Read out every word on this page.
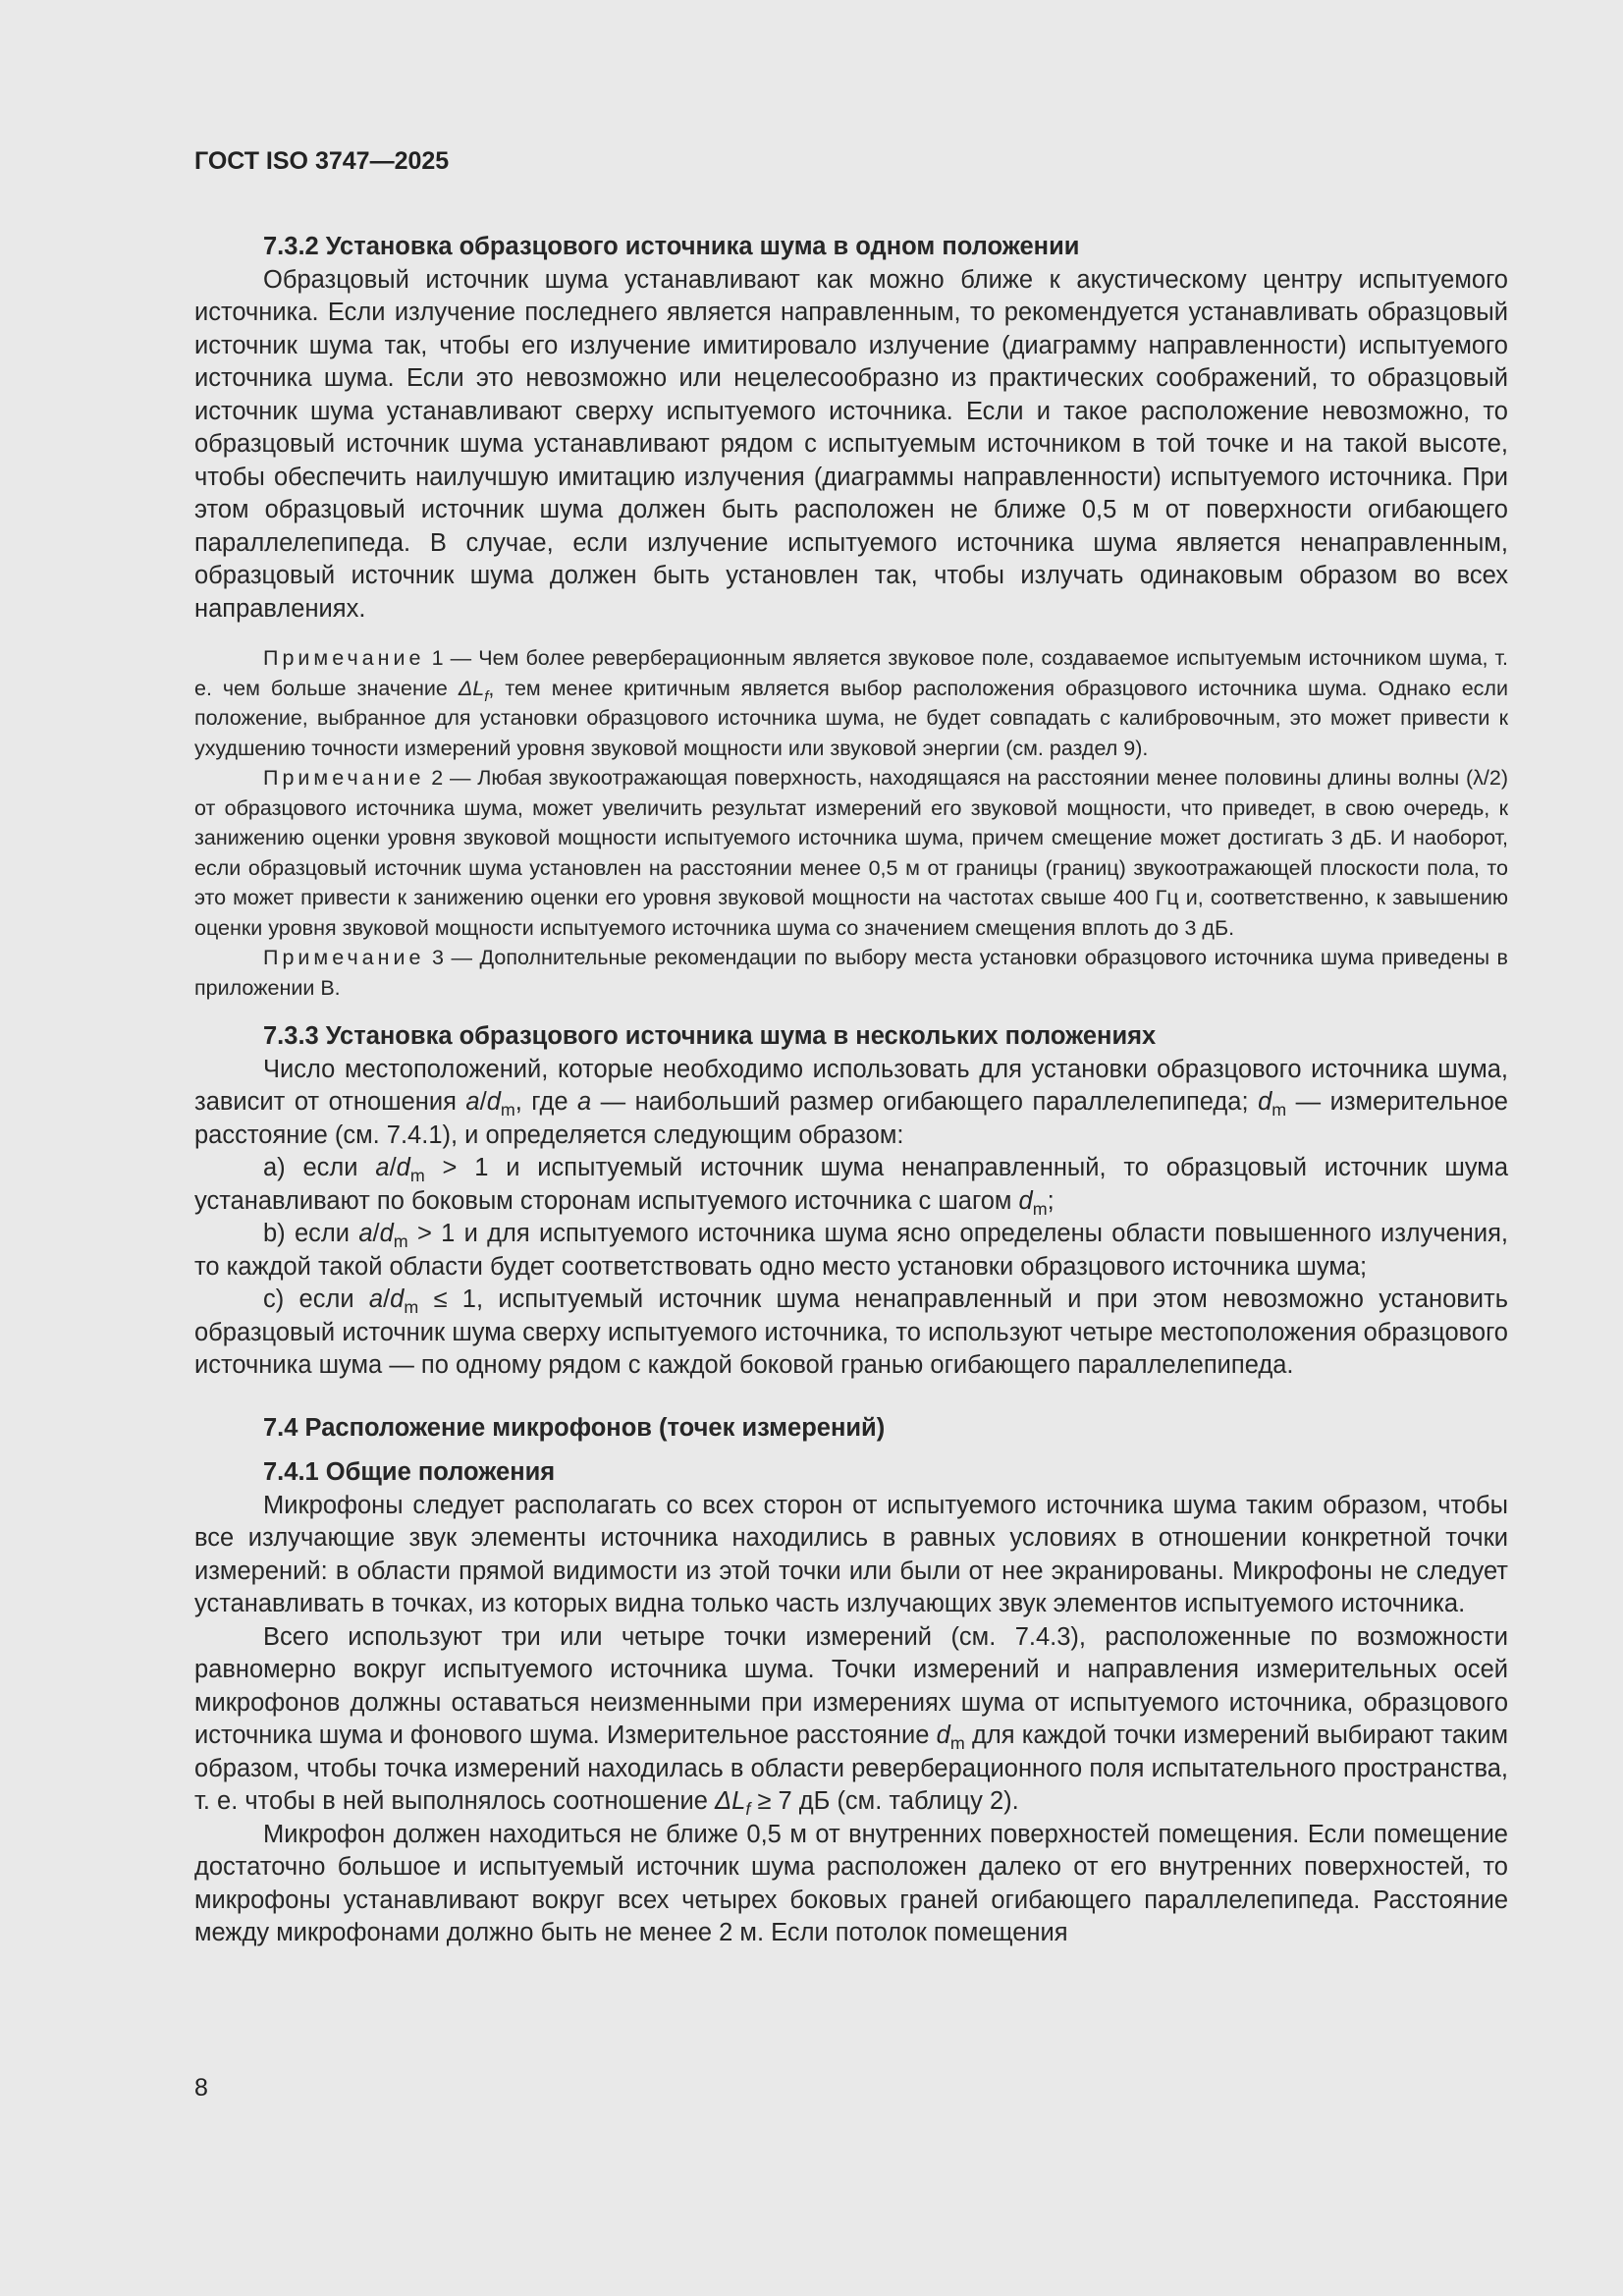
ГОСТ ISO 3747—2025
7.3.2 Установка образцового источника шума в одном положении

Образцовый источник шума устанавливают как можно ближе к акустическому центру испытуемого источника. Если излучение последнего является направленным, то рекомендуется устанавливать образцовый источник шума так, чтобы его излучение имитировало излучение (диаграмму направленности) испытуемого источника шума. Если это невозможно или нецелесообразно из практических соображений, то образцовый источник шума устанавливают сверху испытуемого источника. Если и такое расположение невозможно, то образцовый источник шума устанавливают рядом с испытуемым источником в той точке и на такой высоте, чтобы обеспечить наилучшую имитацию излучения (диаграммы направленности) испытуемого источника. При этом образцовый источник шума должен быть расположен не ближе 0,5 м от поверхности огибающего параллелепипеда. В случае, если излучение испытуемого источника шума является ненаправленным, образцовый источник шума должен быть установлен так, чтобы излучать одинаковым образом во всех направлениях.

Примечание 1 — Чем более реверберационным является звуковое поле, создаваемое испытуемым источником шума, т. е. чем больше значение $\Delta L_f$, тем менее критичным является выбор расположения образцового источника шума. Однако если положение, выбранное для установки образцового источника шума, не будет совпадать с калибровочным, это может привести к ухудшению точности измерений уровня звуковой мощности или звуковой энергии (см. раздел 9).
Примечание 2 — Любая звукоотражающая поверхность, находящаяся на расстоянии менее половины длины волны (λ/2) от образцового источника шума, может увеличить результат измерений его звуковой мощности, что приведет, в свою очередь, к занижению оценки уровня звуковой мощности испытуемого источника шума, причем смещение может достигать 3 дБ. И наоборот, если образцовый источник шума установлен на расстоянии менее 0,5 м от границы (границ) звукоотражающей плоскости пола, то это может привести к занижению оценки его уровня звуковой мощности на частотах свыше 400 Гц и, соответственно, к завышению оценки уровня звуковой мощности испытуемого источника шума со значением смещения вплоть до 3 дБ.
Примечание 3 — Дополнительные рекомендации по выбору места установки образцового источника шума приведены в приложении В.
7.3.3 Установка образцового источника шума в нескольких положениях

Число местоположений, которые необходимо использовать для установки образцового источника шума, зависит от отношения $a/d_m$, где a — наибольший размер огибающего параллелепипеда; $d_m$ — измерительное расстояние (см. 7.4.1), и определяется следующим образом:

a) если $a/d_m > 1$ и испытуемый источник шума ненаправленный, то образцовый источник шума устанавливают по боковым сторонам испытуемого источника с шагом $d_m$;

b) если $a/d_m > 1$ и для испытуемого источника шума ясно определены области повышенного излучения, то каждой такой области будет соответствовать одно место установки образцового источника шума;

c) если $a/d_m \le 1$, испытуемый источник шума ненаправленный и при этом невозможно установить образцовый источник шума сверху испытуемого источника, то используют четыре местоположения образцового источника шума — по одному рядом с каждой боковой гранью огибающего параллелепипеда.

7.4 Расположение микрофонов (точек измерений)
7.4.1 Общие положения

Микрофоны следует располагать со всех сторон от испытуемого источника шума таким образом, чтобы все излучающие звук элементы источника находились в равных условиях в отношении конкретной точки измерений: в области прямой видимости из этой точки или были от нее экранированы. Микрофоны не следует устанавливать в точках, из которых видна только часть излучающих звук элементов испытуемого источника.

Всего используют три или четыре точки измерений (см. 7.4.3), расположенные по возможности равномерно вокруг испытуемого источника шума. Точки измерений и направления измерительных осей микрофонов должны оставаться неизменными при измерениях шума от испытуемого источника, образцового источника шума и фонового шума. Измерительное расстояние $d_m$ для каждой точки измерений выбирают таким образом, чтобы точка измерений находилась в области реверберационного поля испытательного пространства, т. е. чтобы в ней выполнялось соотношение $\Delta L_f \ge 7$ дБ (см. таблицу 2).

Микрофон должен находиться не ближе 0,5 м от внутренних поверхностей помещения. Если помещение достаточно большое и испытуемый источник шума расположен далеко от его внутренних поверхностей, то микрофоны устанавливают вокруг всех четырех боковых граней огибающего параллелепипеда. Расстояние между микрофонами должно быть не менее 2 м. Если потолок помещения

8
